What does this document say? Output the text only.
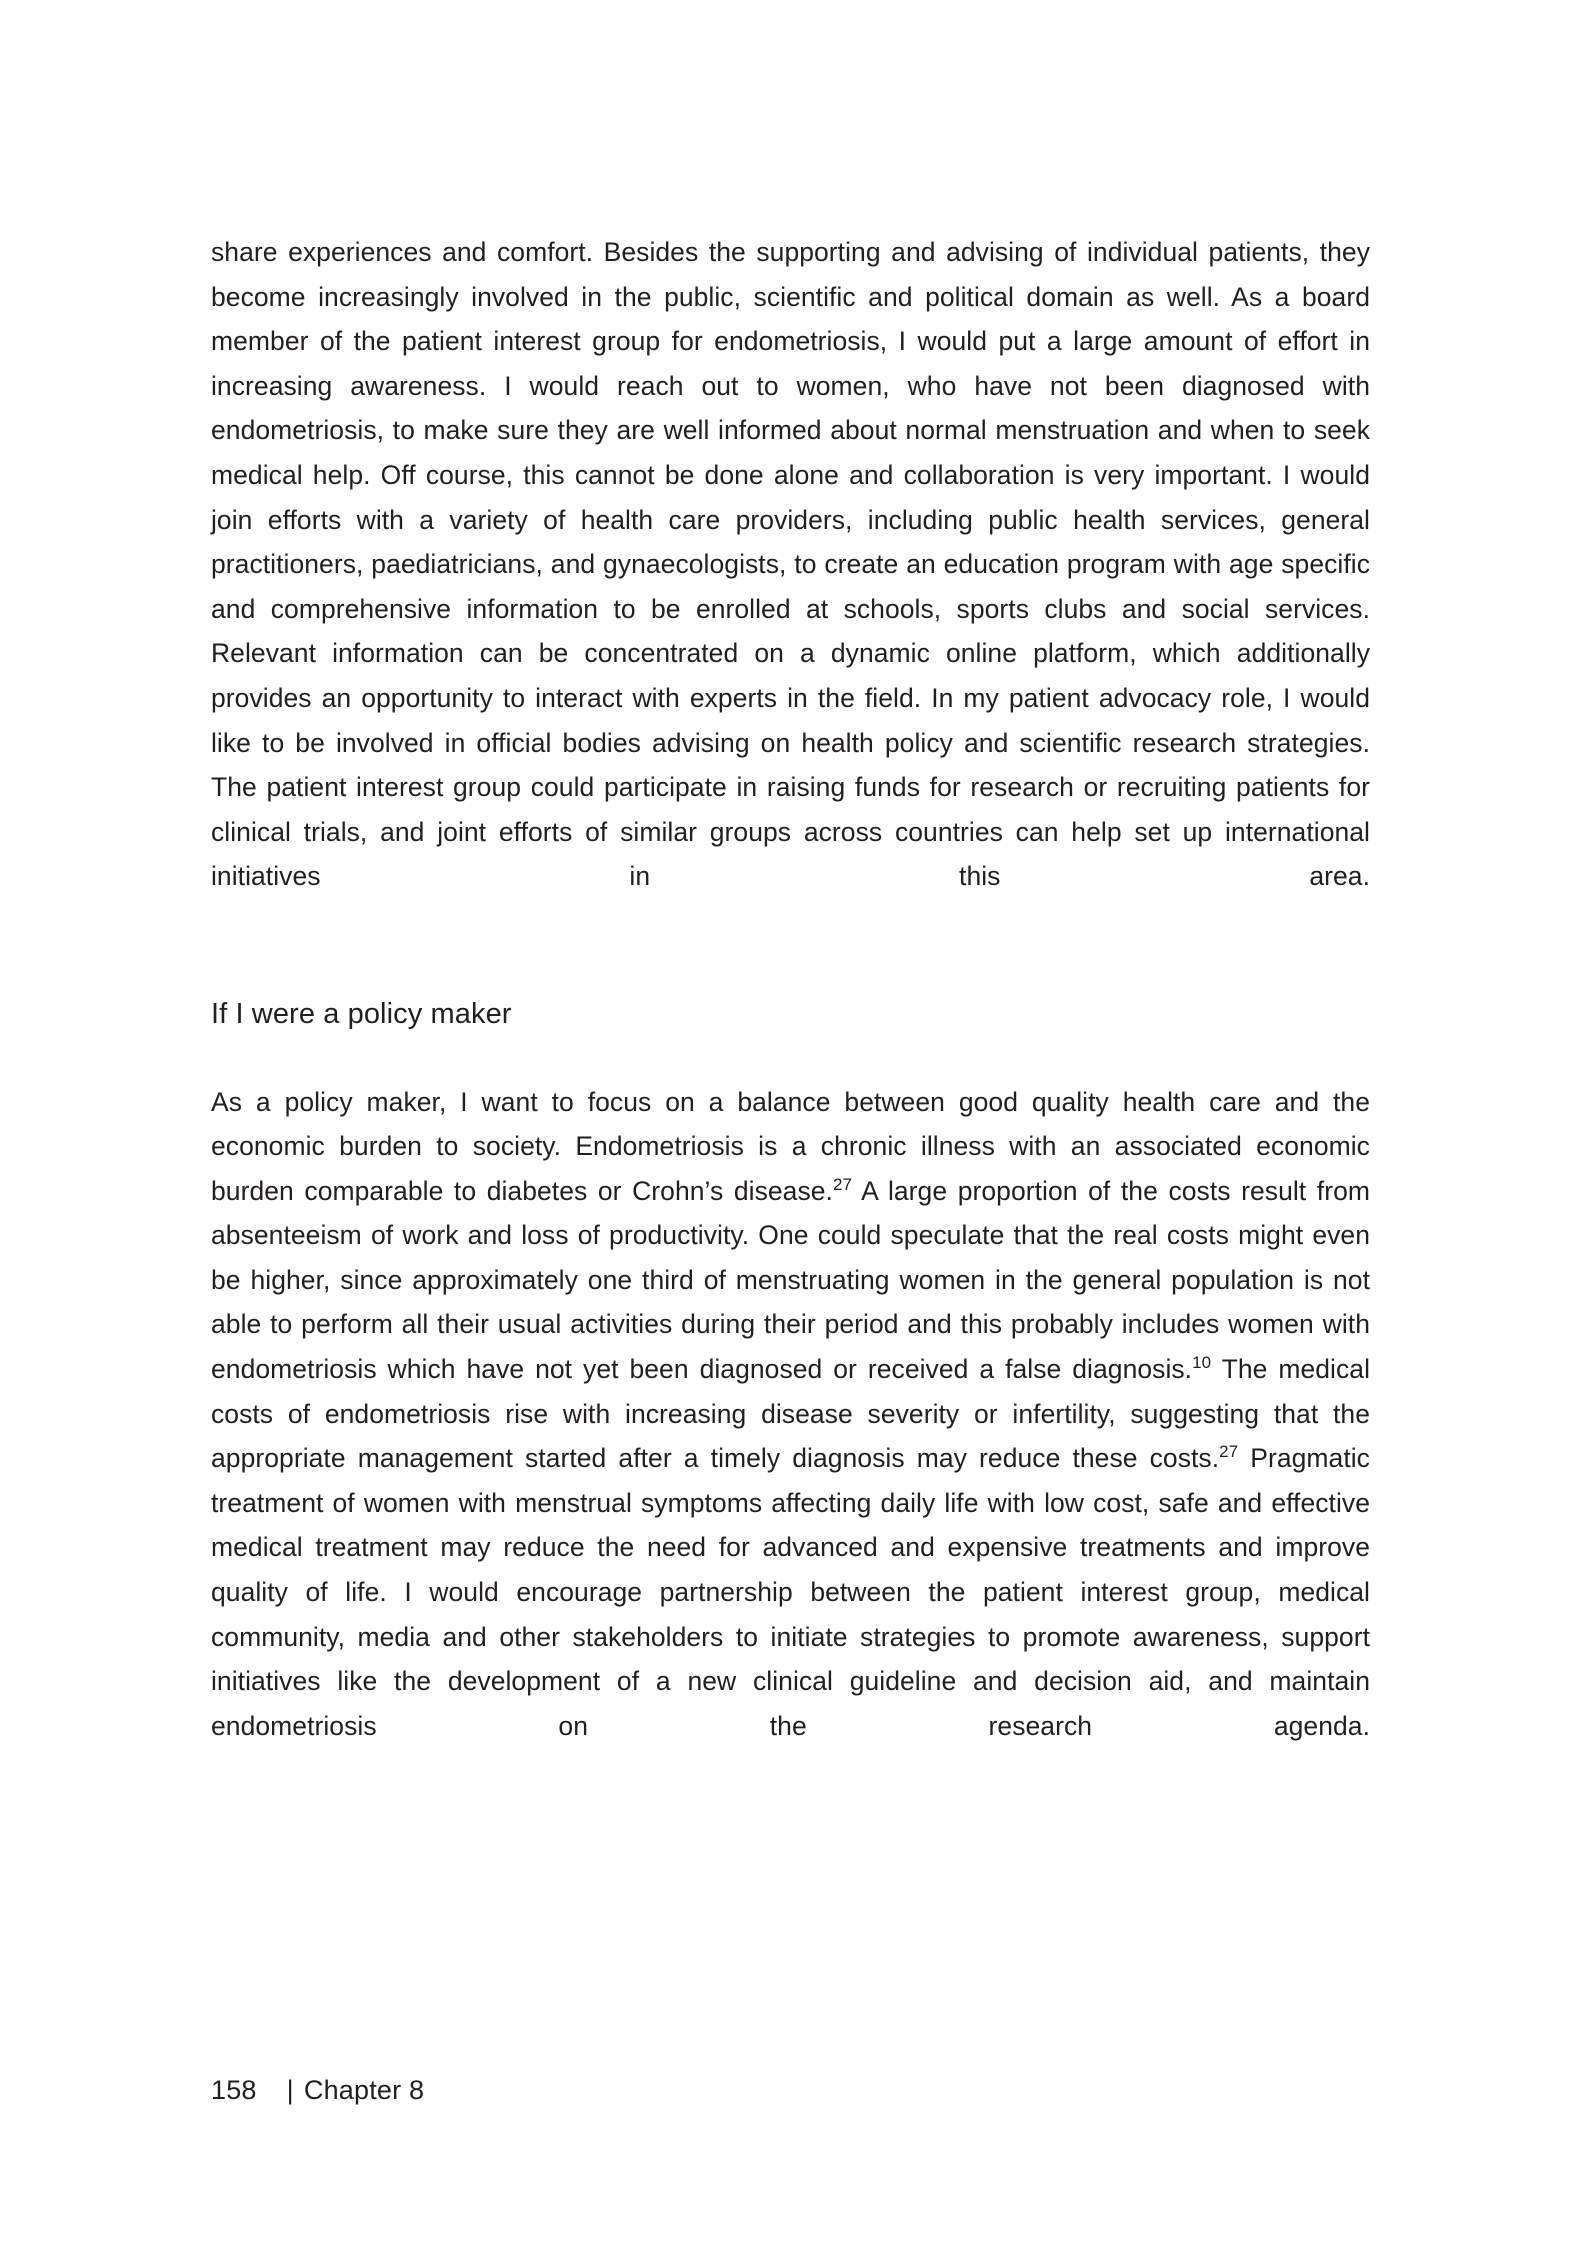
share experiences and comfort. Besides the supporting and advising of individual patients, they become increasingly involved in the public, scientific and political domain as well. As a board member of the patient interest group for endometriosis, I would put a large amount of effort in increasing awareness. I would reach out to women, who have not been diagnosed with endometriosis, to make sure they are well informed about normal menstruation and when to seek medical help. Off course, this cannot be done alone and collaboration is very important. I would join efforts with a variety of health care providers, including public health services, general practitioners, paediatricians, and gynaecologists, to create an education program with age specific and comprehensive information to be enrolled at schools, sports clubs and social services. Relevant information can be concentrated on a dynamic online platform, which additionally provides an opportunity to interact with experts in the field. In my patient advocacy role, I would like to be involved in official bodies advising on health policy and scientific research strategies. The patient interest group could participate in raising funds for research or recruiting patients for clinical trials, and joint efforts of similar groups across countries can help set up international initiatives in this area.

If I were a policy maker

As a policy maker, I want to focus on a balance between good quality health care and the economic burden to society. Endometriosis is a chronic illness with an associated economic burden comparable to diabetes or Crohn’s disease.$^{27}$ A large proportion of the costs result from absenteeism of work and loss of productivity. One could speculate that the real costs might even be higher, since approximately one third of menstruating women in the general population is not able to perform all their usual activities during their period and this probably includes women with endometriosis which have not yet been diagnosed or received a false diagnosis.$^{10}$ The medical costs of endometriosis rise with increasing disease severity or infertility, suggesting that the appropriate management started after a timely diagnosis may reduce these costs.$^{27}$ Pragmatic treatment of women with menstrual symptoms affecting daily life with low cost, safe and effective medical treatment may reduce the need for advanced and expensive treatments and improve quality of life. I would encourage partnership between the patient interest group, medical community, media and other stakeholders to initiate strategies to promote awareness, support initiatives like the development of a new clinical guideline and decision aid, and maintain endometriosis on the research agenda.

158 | Chapter 8
